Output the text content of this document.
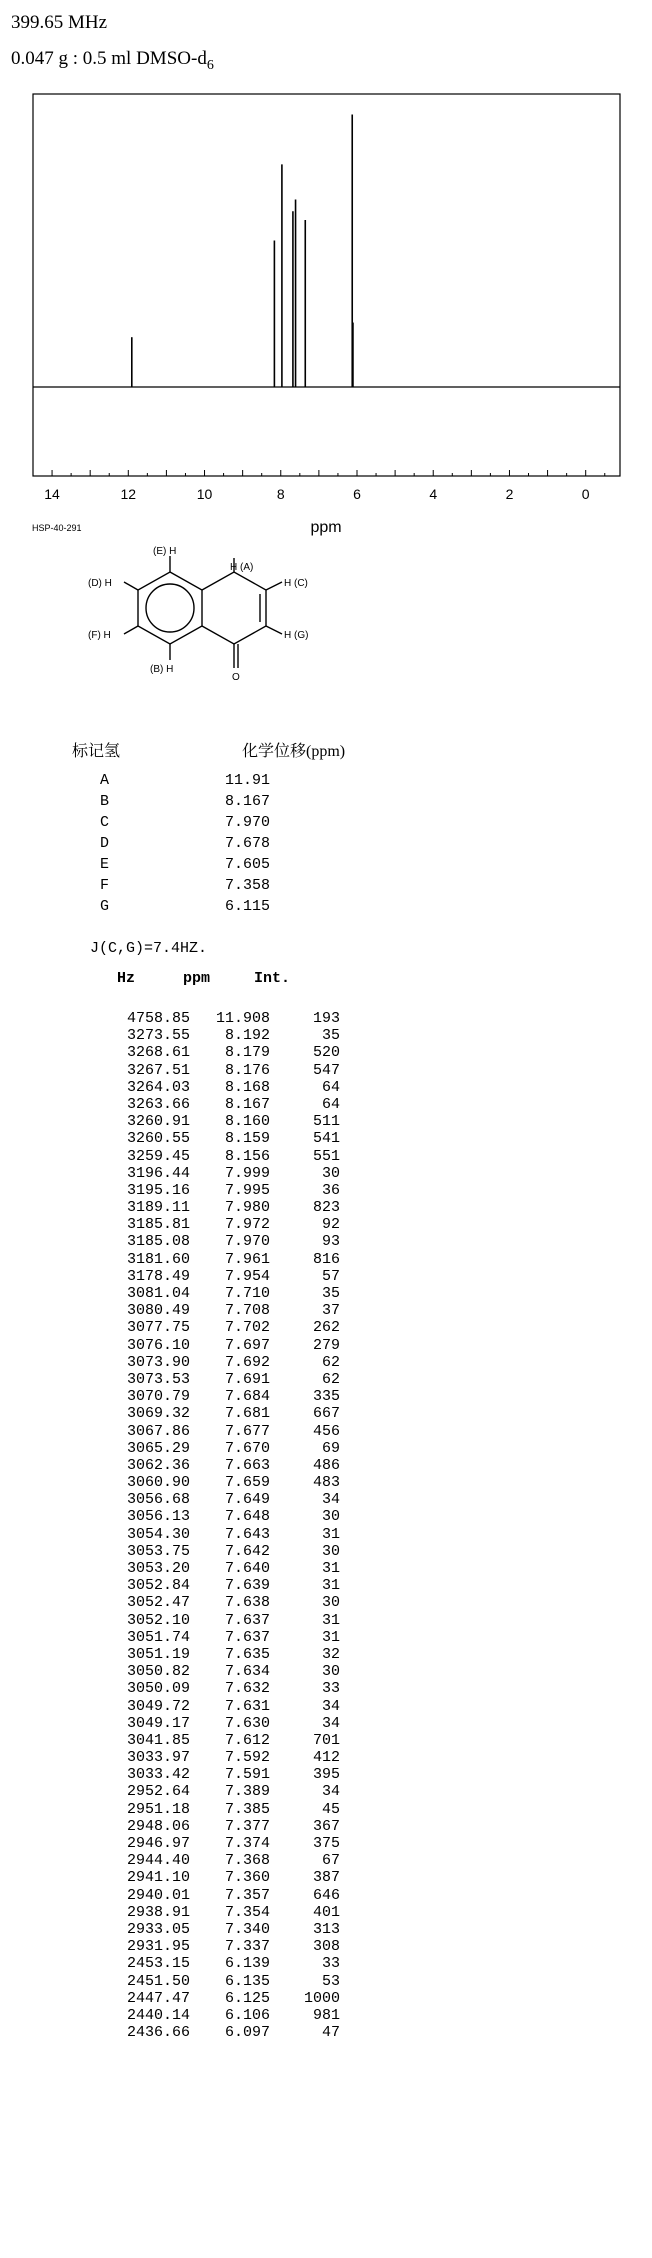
399.65 MHz
0.047 g : 0.5 ml DMSO-$d_6$
14	12	10	8	6	4	2	0
ppm
HSP-40-291
(E) H
H (A)
(D) H	H (C)
(F) H	H (G)
(B) H
O
标记氢	化学位移(ppm)
A	11.91
B	8.167
C	7.970
D	7.678
E	7.605
F	7.358
G	6.115
J(C,G)=7.4HZ.
Hz	ppm	Int.
4758.85	11.908	193
3273.55	8.192	35
3268.61	8.179	520
3267.51	8.176	547
3264.03	8.168	64
3263.66	8.167	64
3260.91	8.160	511
3260.55	8.159	541
3259.45	8.156	551
3196.44	7.999	30
3195.16	7.995	36
3189.11	7.980	823
3185.81	7.972	92
3185.08	7.970	93
3181.60	7.961	816
3178.49	7.954	57
3081.04	7.710	35
3080.49	7.708	37
3077.75	7.702	262
3076.10	7.697	279
3073.90	7.692	62
3073.53	7.691	62
3070.79	7.684	335
3069.32	7.681	667
3067.86	7.677	456
3065.29	7.670	69
3062.36	7.663	486
3060.90	7.659	483
3056.68	7.649	34
3056.13	7.648	30
3054.30	7.643	31
3053.75	7.642	30
3053.20	7.640	31
3052.84	7.639	31
3052.47	7.638	30
3052.10	7.637	31
3051.74	7.637	31
3051.19	7.635	32
3050.82	7.634	30
3050.09	7.632	33
3049.72	7.631	34
3049.17	7.630	34
3041.85	7.612	701
3033.97	7.592	412
3033.42	7.591	395
2952.64	7.389	34
2951.18	7.385	45
2948.06	7.377	367
2946.97	7.374	375
2944.40	7.368	67
2941.10	7.360	387
2940.01	7.357	646
2938.91	7.354	401
2933.05	7.340	313
2931.95	7.337	308
2453.15	6.139	33
2451.50	6.135	53
2447.47	6.125	1000
2440.14	6.106	981
2436.66	6.097	47
